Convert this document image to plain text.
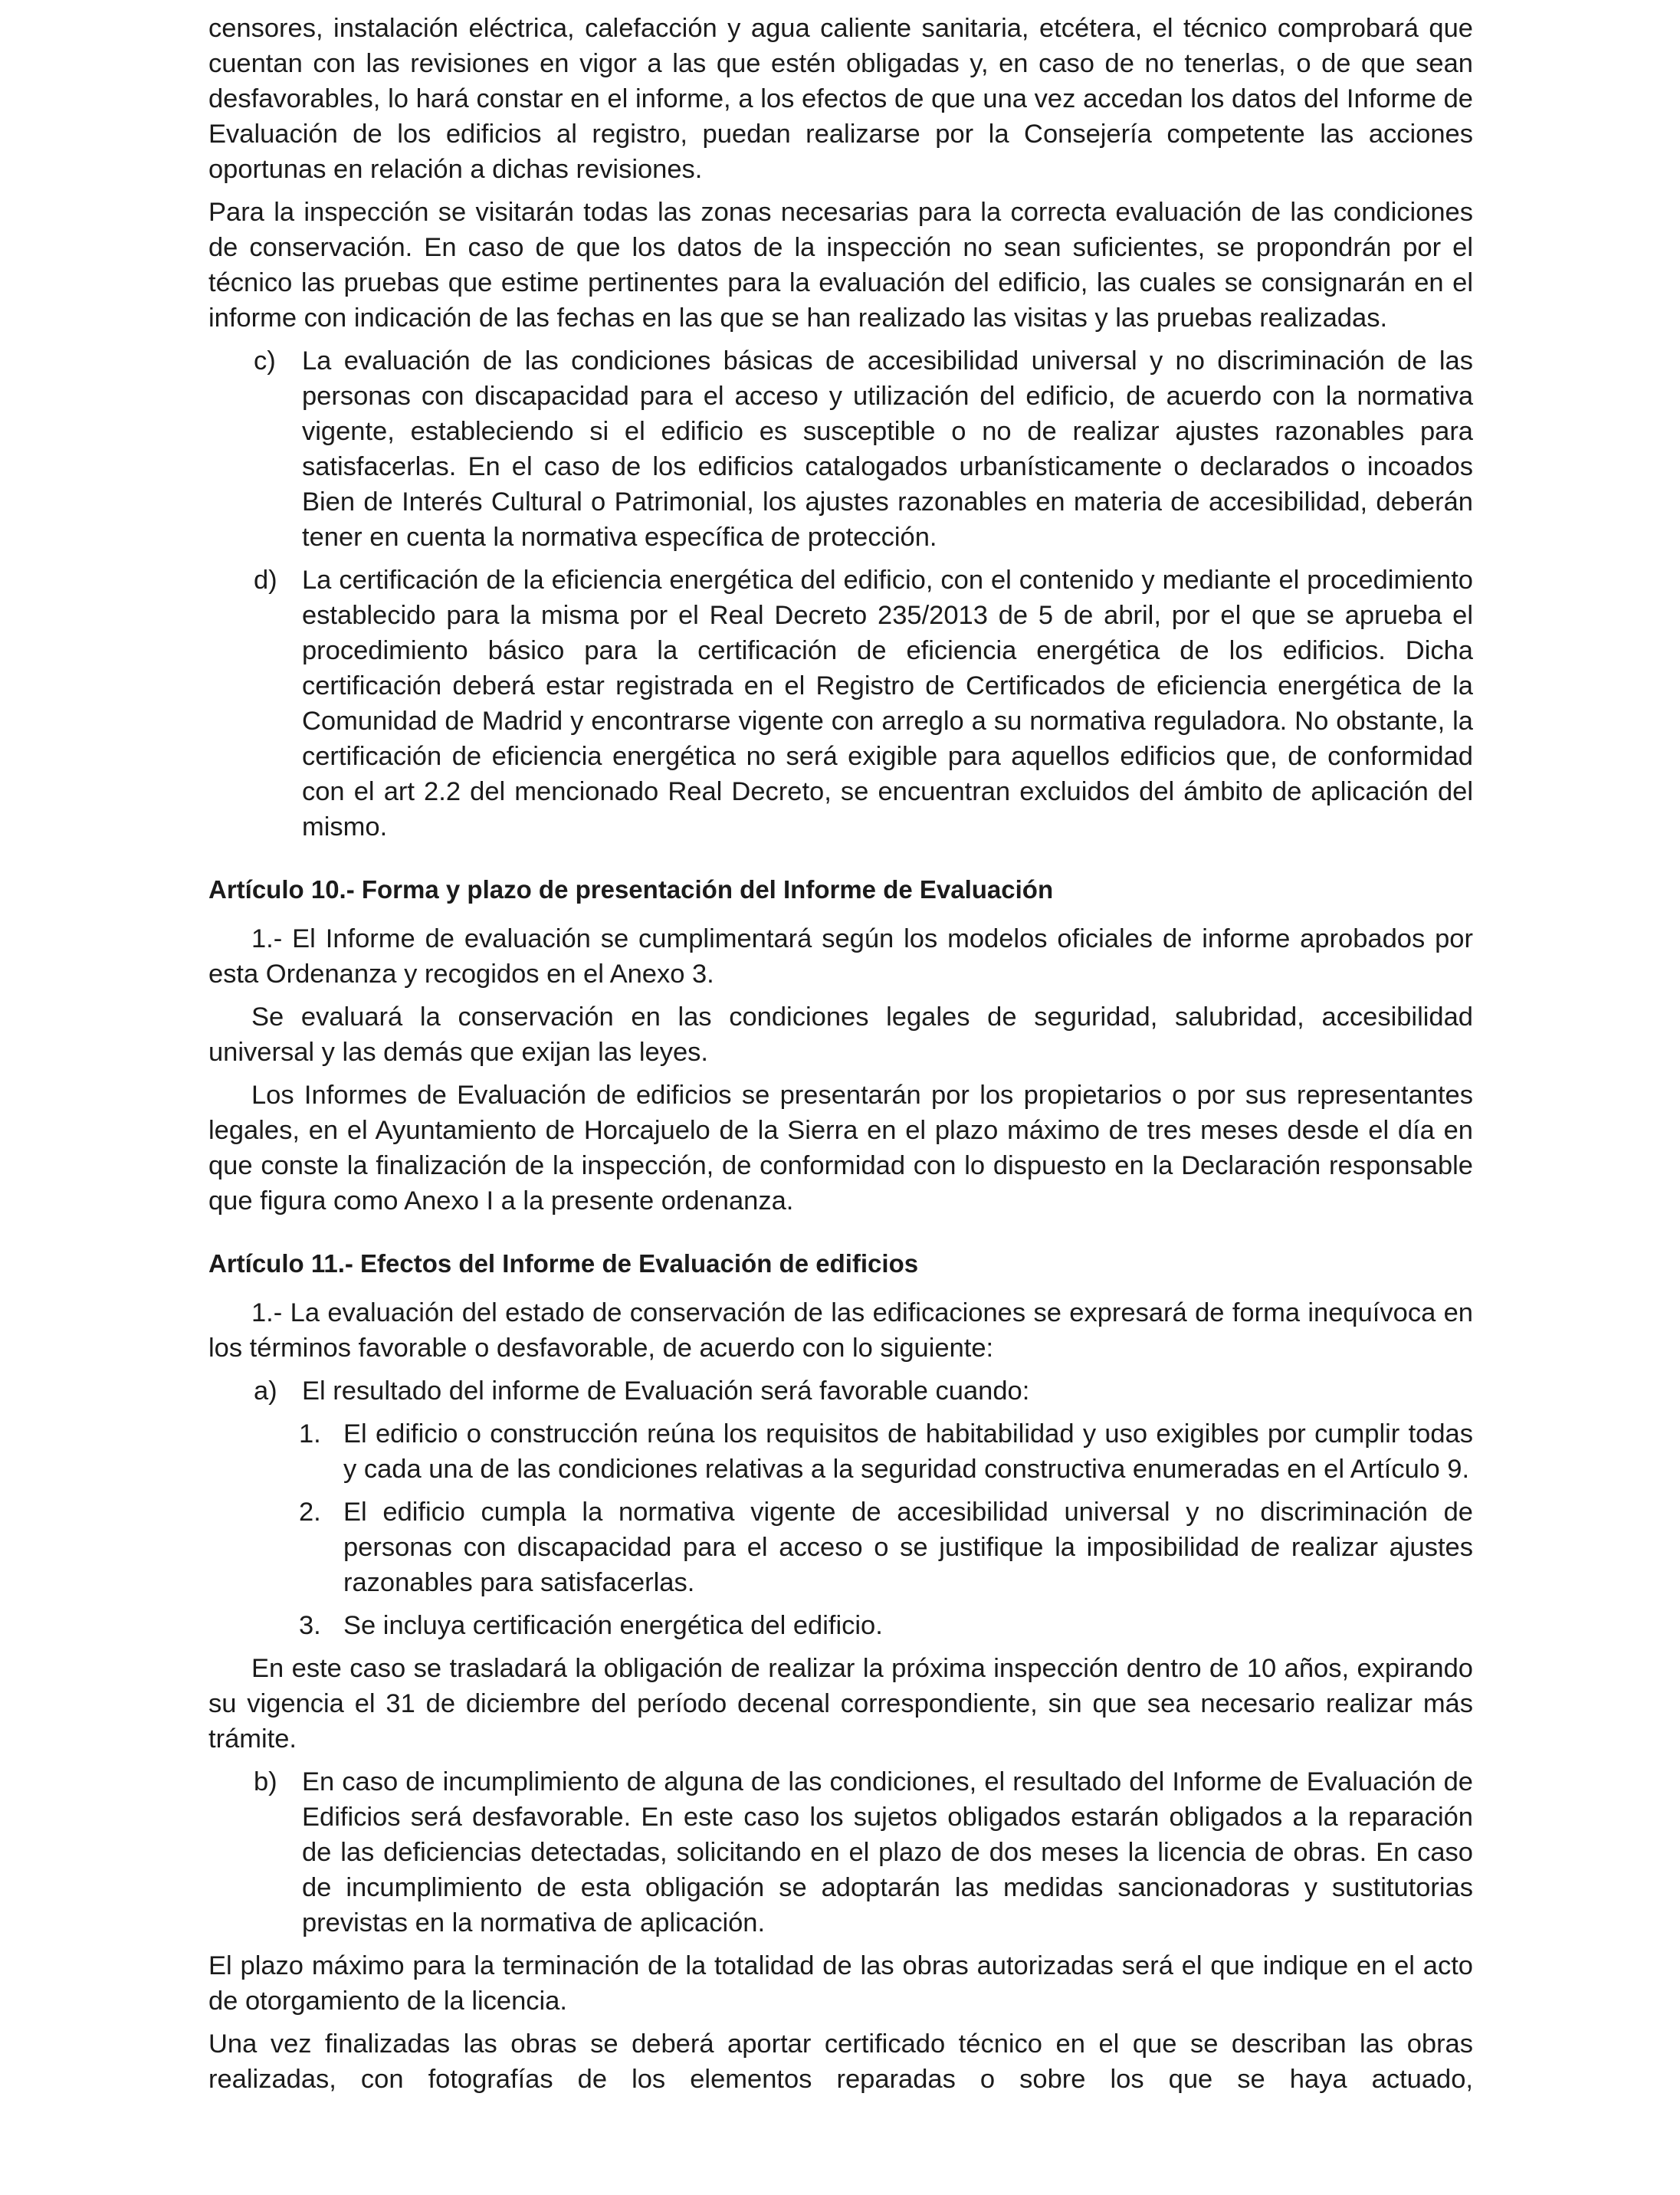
censores, instalación eléctrica, calefacción y agua caliente sanitaria, etcétera, el técnico comprobará que cuentan con las revisiones en vigor a las que estén obligadas y, en caso de no tenerlas, o de que sean desfavorables, lo hará constar en el informe, a los efectos de que una vez accedan los datos del Informe de Evaluación de los edificios al registro, puedan realizarse por la Consejería competente las acciones oportunas en relación a dichas revisiones.

Para la inspección se visitarán todas las zonas necesarias para la correcta evaluación de las condiciones de conservación. En caso de que los datos de la inspección no sean suficientes, se propondrán por el técnico las pruebas que estime pertinentes para la evaluación del edificio, las cuales se consignarán en el informe con indicación de las fechas en las que se han realizado las visitas y las pruebas realizadas.

c) La evaluación de las condiciones básicas de accesibilidad universal y no discriminación de las personas con discapacidad para el acceso y utilización del edificio, de acuerdo con la normativa vigente, estableciendo si el edificio es susceptible o no de realizar ajustes razonables para satisfacerlas. En el caso de los edificios catalogados urbanísticamente o declarados o incoados Bien de Interés Cultural o Patrimonial, los ajustes razonables en materia de accesibilidad, deberán tener en cuenta la normativa específica de protección.
d) La certificación de la eficiencia energética del edificio, con el contenido y mediante el procedimiento establecido para la misma por el Real Decreto 235/2013 de 5 de abril, por el que se aprueba el procedimiento básico para la certificación de eficiencia energética de los edificios. Dicha certificación deberá estar registrada en el Registro de Certificados de eficiencia energética de la Comunidad de Madrid y encontrarse vigente con arreglo a su normativa reguladora. No obstante, la certificación de eficiencia energética no será exigible para aquellos edificios que, de conformidad con el art 2.2 del mencionado Real Decreto, se encuentran excluidos del ámbito de aplicación del mismo.
Artículo 10.- Forma y plazo de presentación del Informe de Evaluación

1.- El Informe de evaluación se cumplimentará según los modelos oficiales de informe aprobados por esta Ordenanza y recogidos en el Anexo 3.

Se evaluará la conservación en las condiciones legales de seguridad, salubridad, accesibilidad universal y las demás que exijan las leyes.

Los Informes de Evaluación de edificios se presentarán por los propietarios o por sus representantes legales, en el Ayuntamiento de Horcajuelo de la Sierra en el plazo máximo de tres meses desde el día en que conste la finalización de la inspección, de conformidad con lo dispuesto en la Declaración responsable que figura como Anexo I a la presente ordenanza.

Artículo 11.- Efectos del Informe de Evaluación de edificios

1.- La evaluación del estado de conservación de las edificaciones se expresará de forma inequívoca en los términos favorable o desfavorable, de acuerdo con lo siguiente:

a) El resultado del informe de Evaluación será favorable cuando:
1. El edificio o construcción reúna los requisitos de habitabilidad y uso exigibles por cumplir todas y cada una de las condiciones relativas a la seguridad constructiva enumeradas en el Artículo 9.
2. El edificio cumpla la normativa vigente de accesibilidad universal y no discriminación de personas con discapacidad para el acceso o se justifique la imposibilidad de realizar ajustes razonables para satisfacerlas.
3. Se incluya certificación energética del edificio.

En este caso se trasladará la obligación de realizar la próxima inspección dentro de 10 años, expirando su vigencia el 31 de diciembre del período decenal correspondiente, sin que sea necesario realizar más trámite.

b) En caso de incumplimiento de alguna de las condiciones, el resultado del Informe de Evaluación de Edificios será desfavorable. En este caso los sujetos obligados estarán obligados a la reparación de las deficiencias detectadas, solicitando en el plazo de dos meses la licencia de obras. En caso de incumplimiento de esta obligación se adoptarán las medidas sancionadoras y sustitutorias previstas en la normativa de aplicación.

El plazo máximo para la terminación de la totalidad de las obras autorizadas será el que indique en el acto de otorgamiento de la licencia.

Una vez finalizadas las obras se deberá aportar certificado técnico en el que se describan las obras realizadas, con fotografías de los elementos reparadas o sobre los que se haya actuado,
